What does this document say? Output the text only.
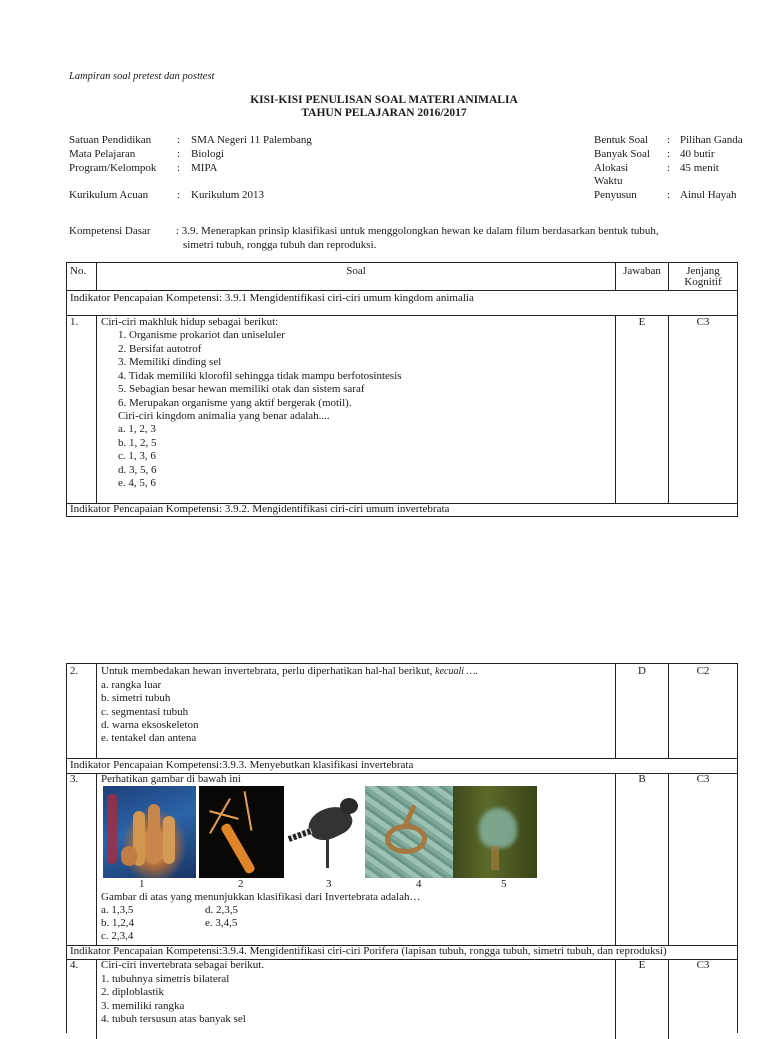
Lampiran soal pretest dan posttest
KISI-KISI PENULISAN SOAL MATERI ANIMALIA
TAHUN PELAJARAN 2016/2017
Satuan Pendidikan : SMA Negeri 11 Palembang
Mata Pelajaran	: Biologi
Program/Kelompok : MIPA
Kurikulum Acuan	: Kurikulum 2013
Bentuk Soal : Pilihan Ganda
Banyak Soal : 40 butir
Alokasi
Waktu
: 45 menit
Penyusun	: Ainul Hayah
Kompetensi Dasar : 3.9. Menerapkan prinsip klasifikasi untuk menggolongkan hewan ke dalam filum berdasarkan bentuk tubuh,
simetri tubuh, rongga tubuh dan reproduksi.
No.	Soal	Jawaban	Jenjang
Kognitif
Indikator Pencapaian Kompetensi: 3.9.1 Mengidentifikasi ciri-ciri umum kingdom animalia
1. Ciri-ciri makhluk hidup sebagai berikut:
1. Organisme prokariot dan uniseluler
2. Bersifat autotrof
3. Memiliki dinding sel
4. Tidak memiliki klorofil sehingga tidak mampu berfotosintesis
5. Sebagian besar hewan memiliki otak dan sistem saraf
6. Merupakan organisme yang aktif bergerak (motil).
Ciri-ciri kingdom animalia yang benar adalah....
a. 1, 2, 3
b. 1, 2, 5
c. 1, 3, 6
d. 3, 5, 6
e. 4, 5, 6
E	C3
Indikator Pencapaian Kompetensi: 3.9.2. Mengidentifikasi ciri-ciri umum invertebrata
2. Untuk membedakan hewan invertebrata, perlu diperhatikan hal-hal berikut, kecuali ….
a. rangka luar
b. simetri tubuh
c. segmentasi tubuh
d. warna eksoskeleton
e. tentakel dan antena
D	C2
Indikator Pencapaian Kompetensi:3.9.3. Menyebutkan klasifikasi invertebrata
3. Perhatikan gambar di bawah ini	B	C3
1	2	3	4	5
Gambar di atas yang menunjukkan klasifikasi dari Invertebrata adalah…
a. 1,3,5
b. 1,2,4
c. 2,3,4
d. 2,3,5
e. 3,4,5
Indikator Pencapaian Kompetensi:3.9.4. Mengidentifikasi ciri-ciri Porifera (lapisan tubuh, rongga tubuh, simetri tubuh, dan reproduksi)
4. Ciri-ciri invertebrata sebagai berikut.
1. tubuhnya simetris bilateral
2. diploblastik
3. memiliki rangka
4. tubuh tersusun atas banyak sel
E	C3
